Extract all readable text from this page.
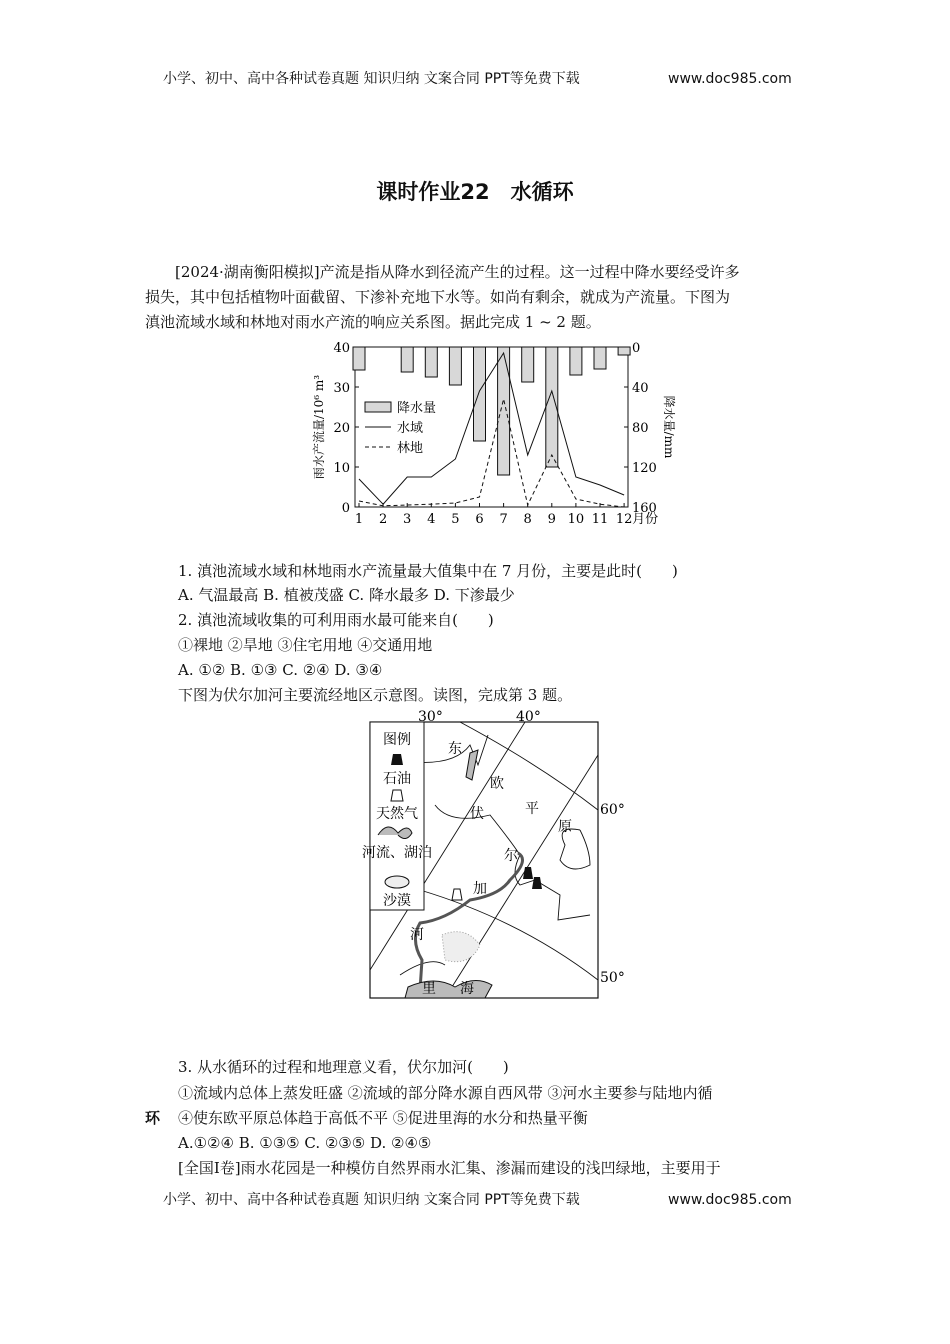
小学、初中、高中各种试卷真题 知识归纳 文案合同 PPT等免费下载	www.doc985.com
课时作业22　水循环
[2024·湖南衡阳模拟]产流是指从降水到径流产生的过程。这一过程中降水要经受许多
损失，其中包括植物叶面截留、下渗补充地下水等。如尚有剩余，就成为产流量。下图为
滇池流域水域和林地对雨水产流的响应关系图。据此完成 1 ~ 2 题。
0
10
20
30
40	0
40
80
120
160
1 2 3 4 5 6 7 8 9 10 11 12 月份
雨水产流量/10⁶ m³	降水量/mm
降水量
水域
林地
1. 滇池流域水域和林地雨水产流量最大值集中在 7 月份，主要是此时(　　)
A. 气温最高 B. 植被茂盛 C. 降水最多 D. 下渗最少
2. 滇池流域收集的可利用雨水最可能来自(　　)
①裸地 ②旱地 ③住宅用地 ④交通用地
A. ①② B. ①③ C. ②④ D. ③④
下图为伏尔加河主要流经地区示意图。读图，完成第 3 题。
图例
石油
天然气
河流、湖泊
沙漠
30°	40°
60°
50°
东
欧
平
原
伏
尔
加
河
里 海
3. 从水循环的过程和地理意义看，伏尔加河(　　)
①流域内总体上蒸发旺盛 ②流域的部分降水源自西风带 ③河水主要参与陆地内循
环 ④使东欧平原总体趋于高低不平 ⑤促进里海的水分和热量平衡
A.①②④ B. ①③⑤ C. ②③⑤ D. ②④⑤
[全国Ⅰ卷]雨水花园是一种模仿自然界雨水汇集、渗漏而建设的浅凹绿地，主要用于
小学、初中、高中各种试卷真题 知识归纳 文案合同 PPT等免费下载	www.doc985.com
